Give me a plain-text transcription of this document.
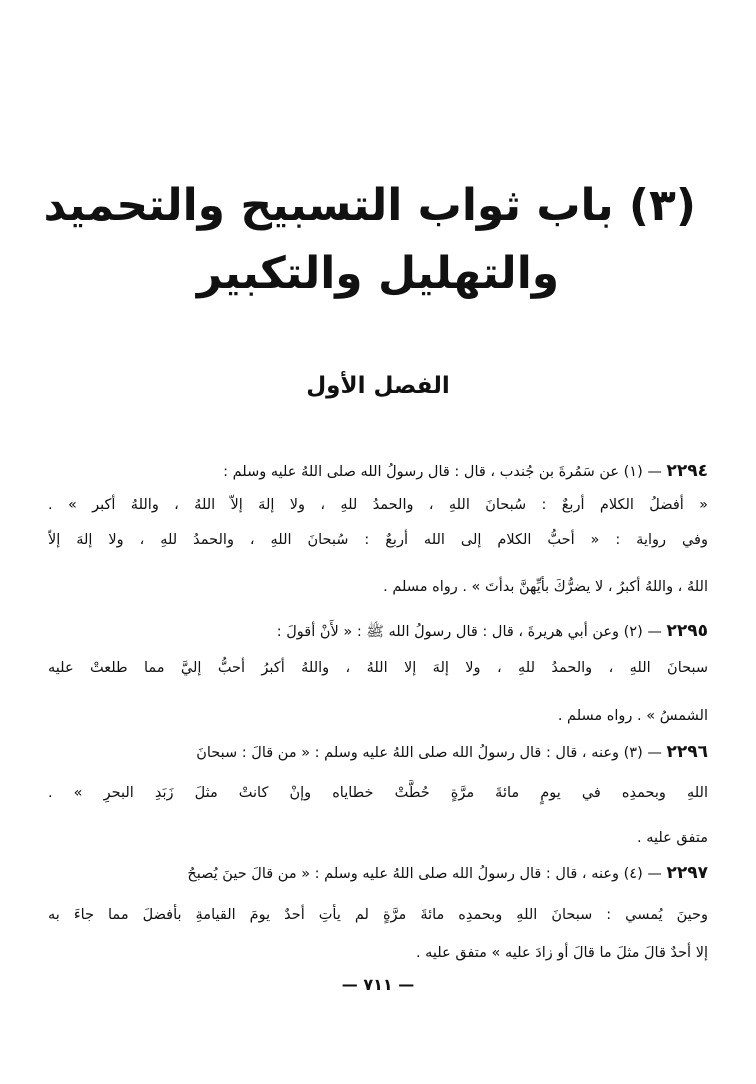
(٣) باب ثواب التسبيح والتحميد
والتهليل والتكبير
الفصل الأول
٢٢٩٤ — (١) عن سَمُرةَ بن جُندب ، قال : قال رسولُ الله صلى اللهُ عليه وسلم :
« أفضلُ الكلام أربعٌ : سُبحانَ اللهِ ، والحمدُ للهِ ، ولا إلهَ إلاّ اللهُ ، واللهُ أكبر » .
وفي رواية : « أحبُّ الكلام إلى الله أربعٌ : سُبحانَ اللهِ ، والحمدُ للهِ ، ولا إلهَ إلاّ
اللهُ ، واللهُ أكبرُ ، لا يضرُّكَ بأيِّهنَّ بدأتَ » . رواه مسلم .
٢٢٩٥ — (٢) وعن أبي هريرةَ ، قال : قال رسولُ الله ﷺ : « لأَنْ أقولَ :
سبحانَ اللهِ ، والحمدُ للهِ ، ولا إلهَ إلا اللهُ ، واللهُ أكبرُ أحبُّ إليَّ مما طلعتْ عليه
الشمسُ » . رواه مسلم .
٢٢٩٦ — (٣) وعنه ، قال : قال رسولُ الله صلى اللهُ عليه وسلم : « من قالَ : سبحانَ
اللهِ وبحمدِه في يومٍ مائةَ مرَّةٍ حُطَّتْ خطاياه وإنْ كانتْ مثلَ زَبَدِ البحرِ » .
متفق عليه .
٢٢٩٧ — (٤) وعنه ، قال : قال رسولُ الله صلى اللهُ عليه وسلم : « من قالَ حينَ يُصبحُ
وحينَ يُمسي : سبحانَ اللهِ وبحمدِه مائةَ مرَّةٍ لم يأتِ أحدٌ يومَ القيامةِ بأفضلَ مما جاءَ به
إلا أحدٌ قالَ مثلَ ما قالَ أو زادَ عليه » متفق عليه .
— ٧١١ —
